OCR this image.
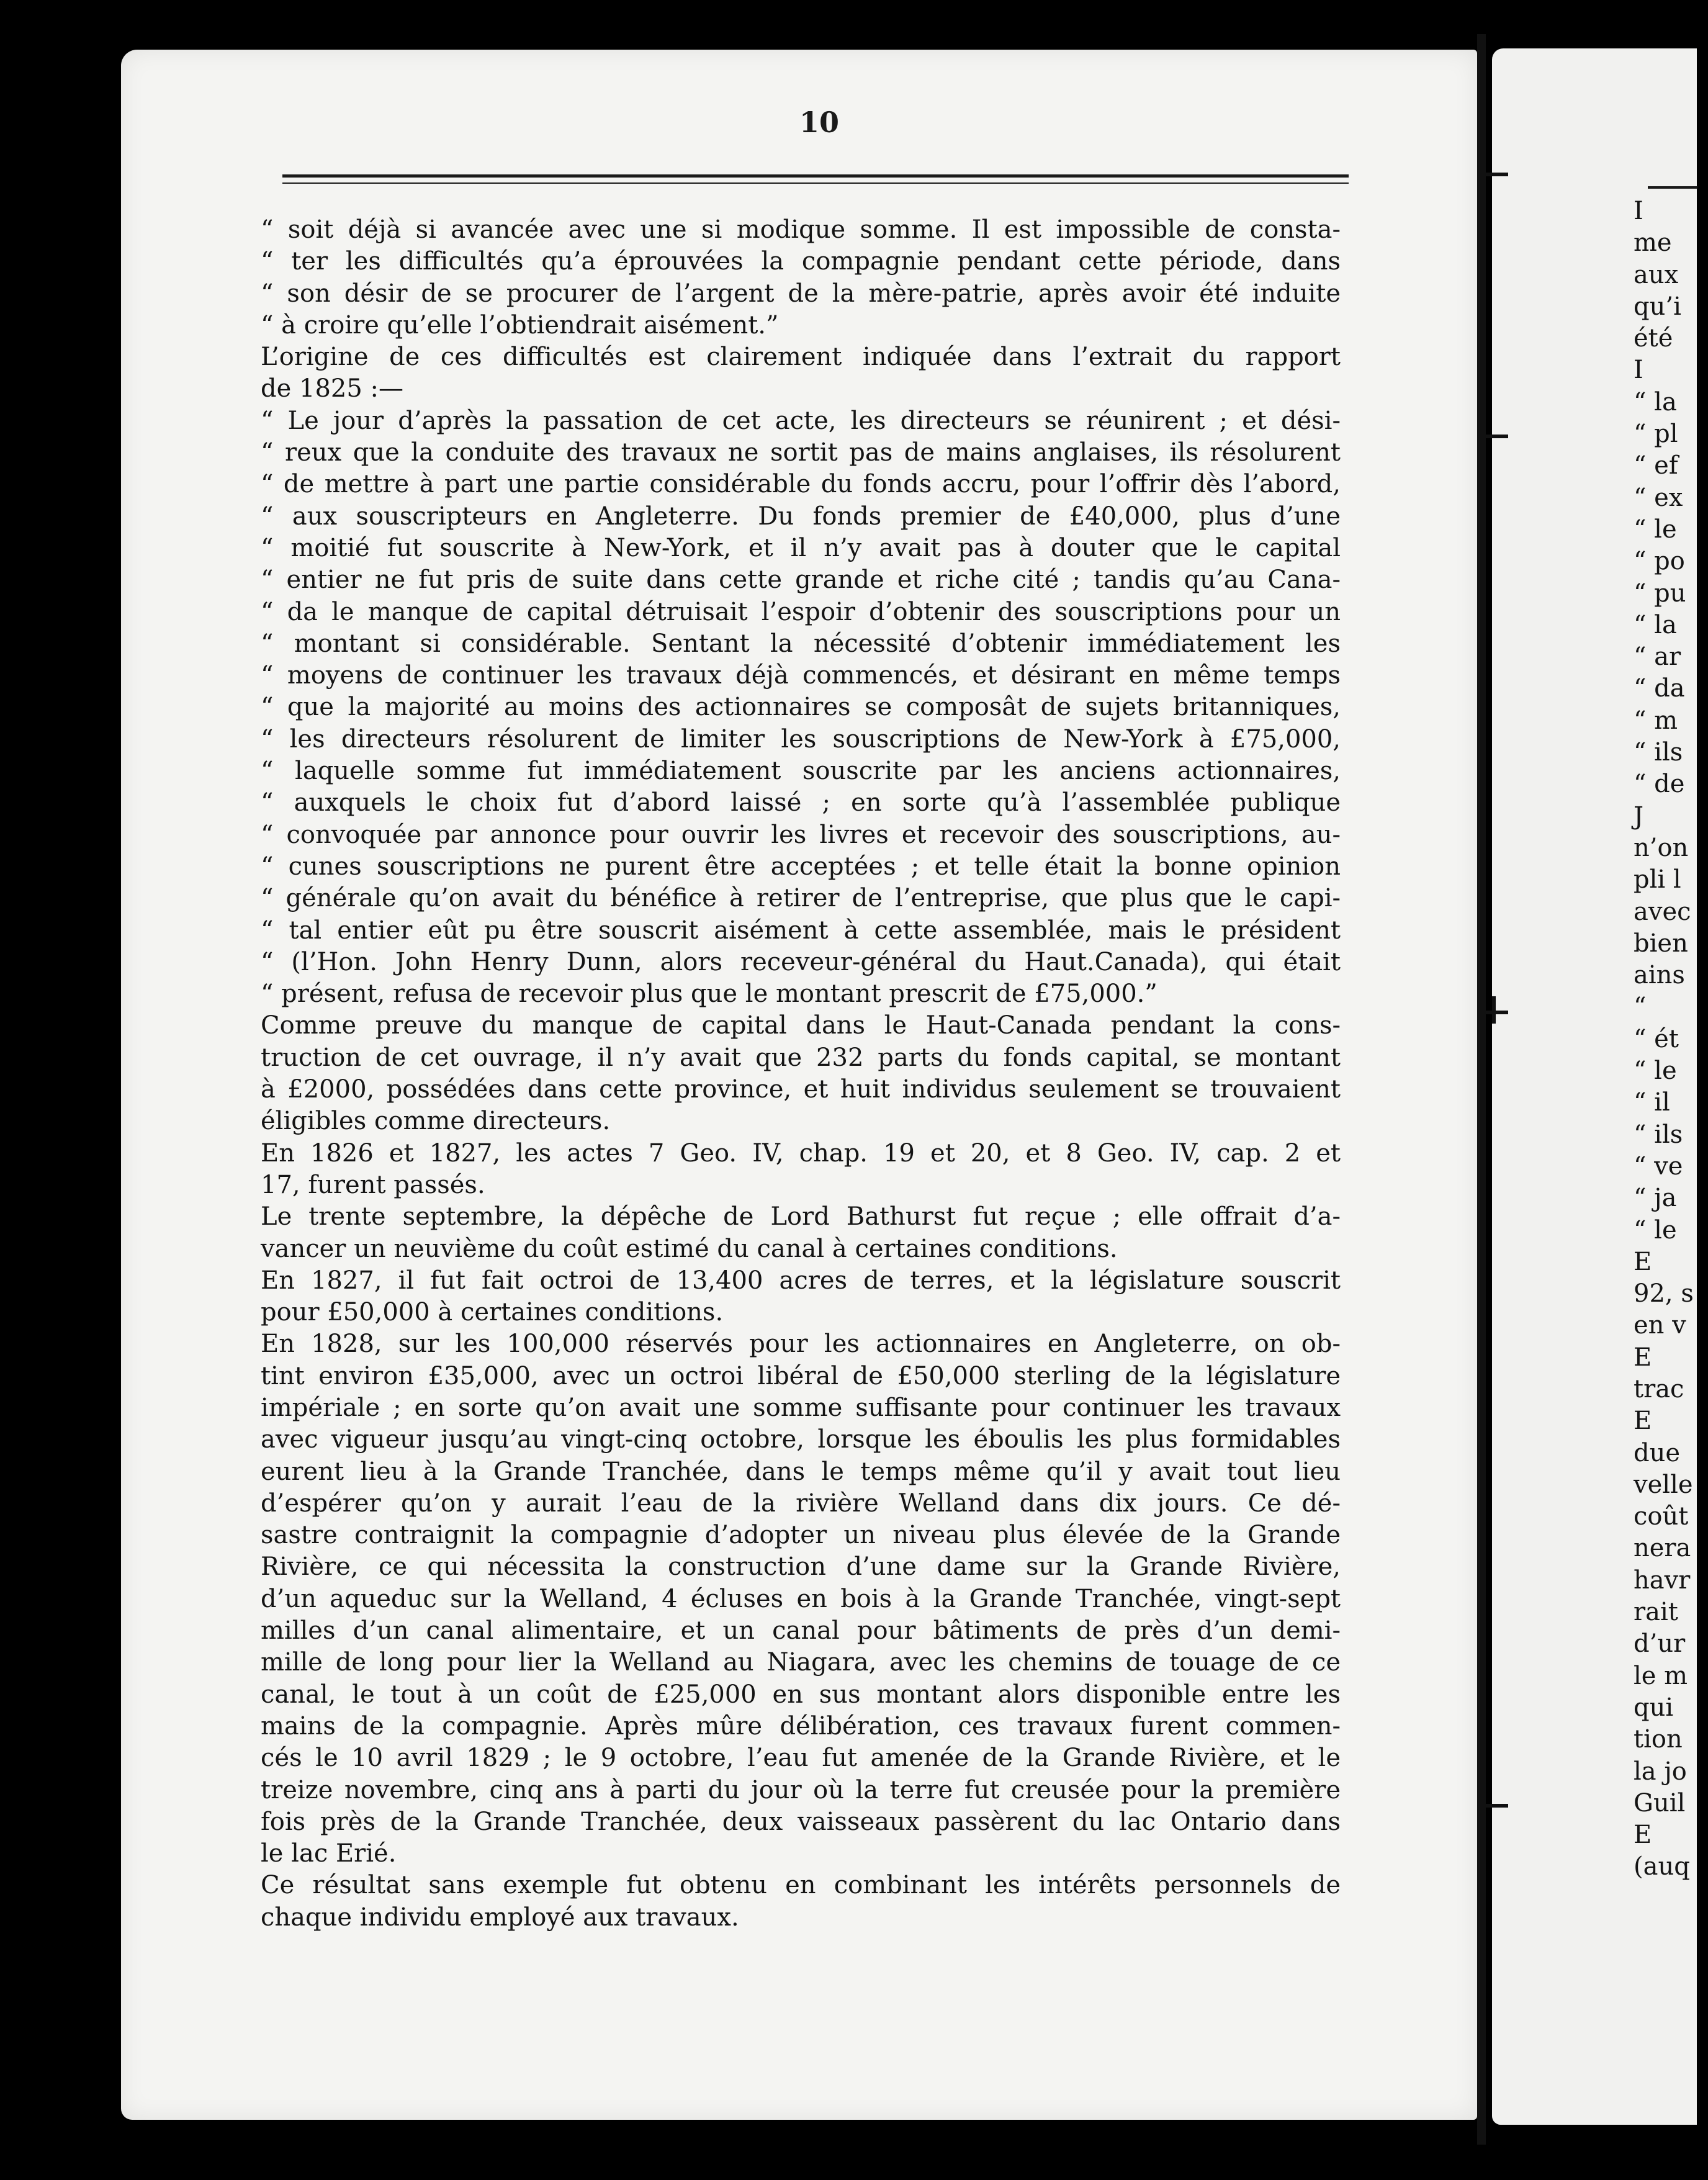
10
“ soit déjà si avancée avec une si modique somme. Il est impossible de consta-
“ ter les difficultés qu’a éprouvées la compagnie pendant cette période, dans
“ son désir de se procurer de l’argent de la mère-patrie, après avoir été induite
“ à croire qu’elle l’obtiendrait aisément.”
L’origine de ces difficultés est clairement indiquée dans l’extrait du rapport
de 1825 :—
“ Le jour d’après la passation de cet acte, les directeurs se réunirent ; et dési-
“ reux que la conduite des travaux ne sortit pas de mains anglaises, ils résolurent
“ de mettre à part une partie considérable du fonds accru, pour l’offrir dès l’abord,
“ aux souscripteurs en Angleterre. Du fonds premier de £40,000, plus d’une
“ moitié fut souscrite à New-York, et il n’y avait pas à douter que le capital
“ entier ne fut pris de suite dans cette grande et riche cité ; tandis qu’au Cana-
“ da le manque de capital détruisait l’espoir d’obtenir des souscriptions pour un
“ montant si considérable. Sentant la nécessité d’obtenir immédiatement les
“ moyens de continuer les travaux déjà commencés, et désirant en même temps
“ que la majorité au moins des actionnaires se composât de sujets britanniques,
“ les directeurs résolurent de limiter les souscriptions de New-York à £75,000,
“ laquelle somme fut immédiatement souscrite par les anciens actionnaires,
“ auxquels le choix fut d’abord laissé ; en sorte qu’à l’assemblée publique
“ convoquée par annonce pour ouvrir les livres et recevoir des souscriptions, au-
“ cunes souscriptions ne purent être acceptées ; et telle était la bonne opinion
“ générale qu’on avait du bénéfice à retirer de l’entreprise, que plus que le capi-
“ tal entier eût pu être souscrit aisément à cette assemblée, mais le président
“ (l’Hon. John Henry Dunn, alors receveur-général du Haut.Canada), qui était
“ présent, refusa de recevoir plus que le montant prescrit de £75,000.”
Comme preuve du manque de capital dans le Haut-Canada pendant la cons-
truction de cet ouvrage, il n’y avait que 232 parts du fonds capital, se montant
à £2000, possédées dans cette province, et huit individus seulement se trouvaient
éligibles comme directeurs.
En 1826 et 1827, les actes 7 Geo. IV, chap. 19 et 20, et 8 Geo. IV, cap. 2 et
17, furent passés.
Le trente septembre, la dépêche de Lord Bathurst fut reçue ; elle offrait d’a-
vancer un neuvième du coût estimé du canal à certaines conditions.
En 1827, il fut fait octroi de 13,400 acres de terres, et la législature souscrit
pour £50,000 à certaines conditions.
En 1828, sur les 100,000 réservés pour les actionnaires en Angleterre, on ob-
tint environ £35,000, avec un octroi libéral de £50,000 sterling de la législature
impériale ; en sorte qu’on avait une somme suffisante pour continuer les travaux
avec vigueur jusqu’au vingt-cinq octobre, lorsque les éboulis les plus formidables
eurent lieu à la Grande Tranchée, dans le temps même qu’il y avait tout lieu
d’espérer qu’on y aurait l’eau de la rivière Welland dans dix jours. Ce dé-
sastre contraignit la compagnie d’adopter un niveau plus élevée de la Grande
Rivière, ce qui nécessita la construction d’une dame sur la Grande Rivière,
d’un aqueduc sur la Welland, 4 écluses en bois à la Grande Tranchée, vingt-sept
milles d’un canal alimentaire, et un canal pour bâtiments de près d’un demi-
mille de long pour lier la Welland au Niagara, avec les chemins de touage de ce
canal, le tout à un coût de £25,000 en sus montant alors disponible entre les
mains de la compagnie. Après mûre délibération, ces travaux furent commen-
cés le 10 avril 1829 ; le 9 octobre, l’eau fut amenée de la Grande Rivière, et le
treize novembre, cinq ans à parti du jour où la terre fut creusée pour la première
fois près de la Grande Tranchée, deux vaisseaux passèrent du lac Ontario dans
le lac Erié.
Ce résultat sans exemple fut obtenu en combinant les intérêts personnels de
chaque individu employé aux travaux.
I
me
aux
qu’i
été
I
“ la
“ pl
“ ef
“ ex
“ le
“ po
“ pu
“ la
“ ar
“ da
“ m
“ ils
“ de
J
n’on
pli l
avec
bien
ains
“
“ ét
“ le
“ il
“ ils
“ ve
“ ja
“ le
E
92, s
en v
E
trac
E
due
velle
coût
nera
havr
rait
d’ur
le m
qui
tion
la jo
Guil
E
(auq
